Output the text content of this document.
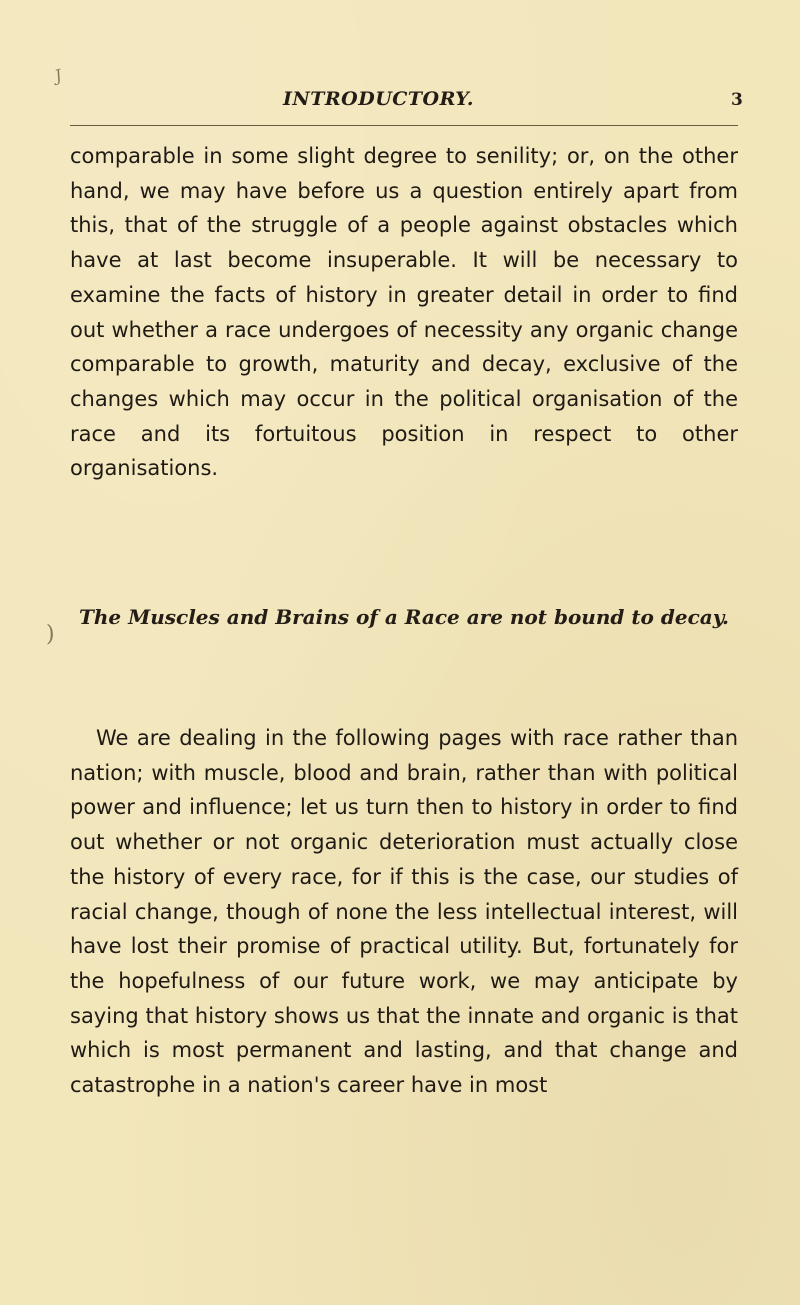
J
INTRODUCTORY.	3

comparable in some slight degree to senility; or, on the other hand, we may have before us a question entirely apart from this, that of the struggle of a people against obstacles which have at last become insuperable. It will be necessary to examine the facts of history in greater detail in order to find out whether a race undergoes of necessity any organic change comparable to growth, maturity and decay, exclusive of the changes which may occur in the political organisation of the race and its fortuitous position in respect to other organisations.

The Muscles and Brains of a Race are not bound to decay.
)

We are dealing in the following pages with race rather than nation; with muscle, blood and brain, rather than with political power and influence; let us turn then to history in order to find out whether or not organic deterioration must actually close the history of every race, for if this is the case, our studies of racial change, though of none the less intellectual interest, will have lost their promise of practical utility. But, fortunately for the hopefulness of our future work, we may anticipate by saying that history shows us that the innate and organic is that which is most permanent and lasting, and that change and catastrophe in a nation's career have in most
